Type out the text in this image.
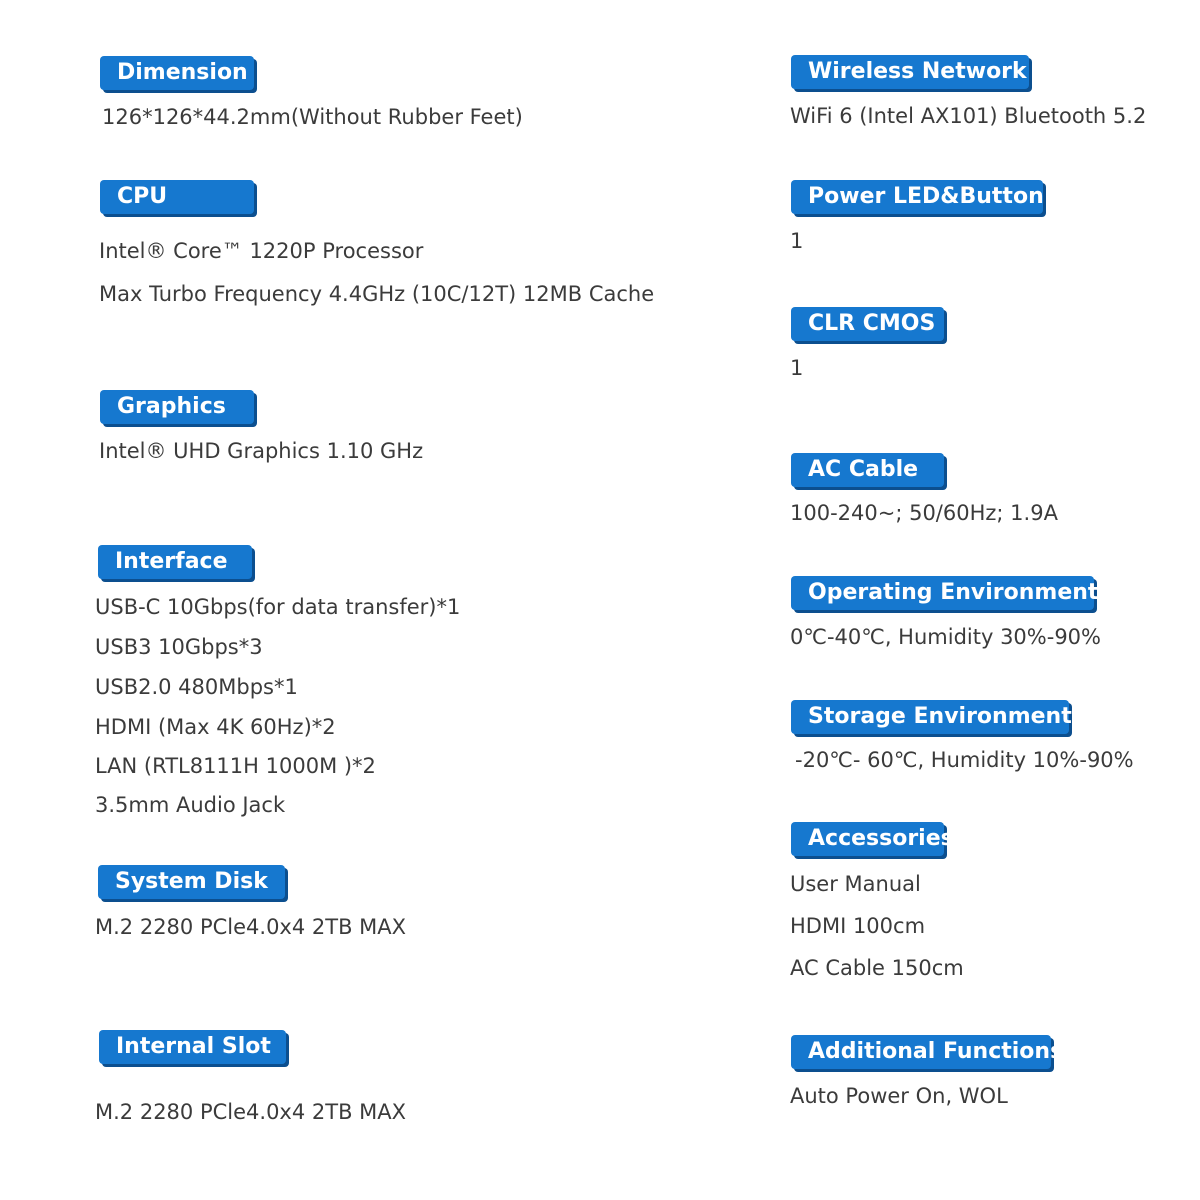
Dimension
126*126*44.2mm(Without Rubber Feet)
CPU
Intel® Core™ 1220P Processor
Max Turbo Frequency 4.4GHz (10C/12T) 12MB Cache
Graphics
Intel® UHD Graphics 1.10 GHz
Interface
USB-C 10Gbps(for data transfer)*1
USB3 10Gbps*3
USB2.0 480Mbps*1
HDMI (Max 4K 60Hz)*2
LAN (RTL8111H 1000M )*2
3.5mm Audio Jack
System Disk
M.2 2280 PCle4.0x4 2TB MAX
Internal Slot
M.2 2280 PCle4.0x4 2TB MAX
Wireless Network
WiFi 6 (Intel AX101) Bluetooth 5.2
Power LED&Button
1
CLR CMOS
1
AC Cable
100-240~; 50/60Hz; 1.9A
Operating Environment
0℃-40℃, Humidity 30%-90%
Storage Environment
-20℃- 60℃, Humidity 10%-90%
Accessories
User Manual
HDMI 100cm
AC Cable 150cm
Additional Functions
Auto Power On, WOL
